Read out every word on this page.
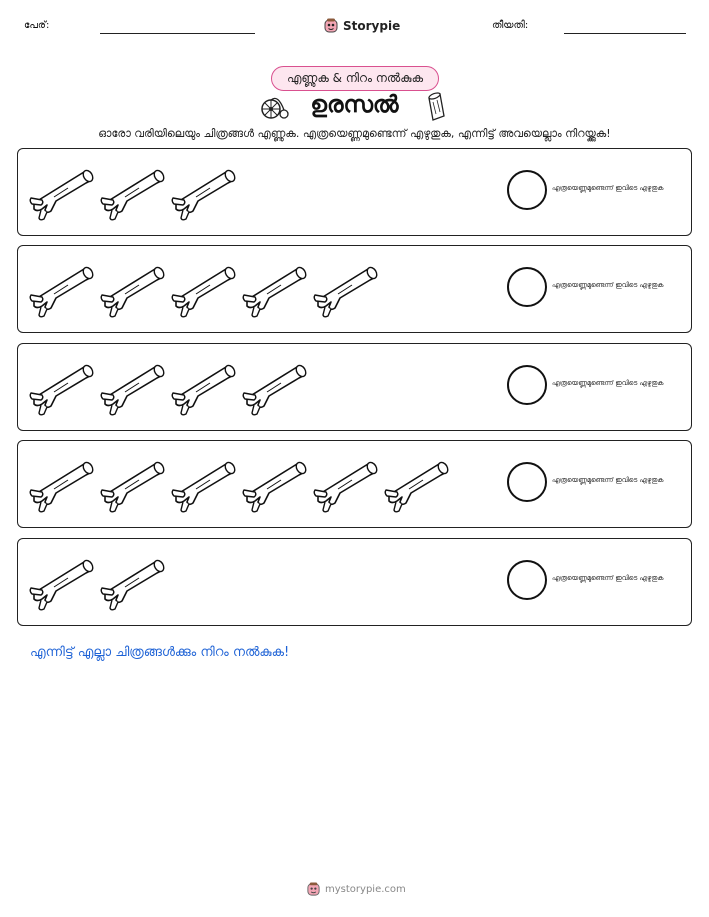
പേര്:	Storypie	തീയതി:
എണ്ണുക & നിറം നൽകുക
ഉരസൽ
ഓരോ വരിയിലെയും ചിത്രങ്ങൾ എണ്ണുക. എത്രയെണ്ണമുണ്ടെന്ന് എഴുതുക, എന്നിട്ട് അവയെല്ലാം നിറയ്ക്കുക!
എത്രയെണ്ണമുണ്ടെന്ന് ഇവിടെ എഴുതുക
എത്രയെണ്ണമുണ്ടെന്ന് ഇവിടെ എഴുതുക
എത്രയെണ്ണമുണ്ടെന്ന് ഇവിടെ എഴുതുക
എത്രയെണ്ണമുണ്ടെന്ന് ഇവിടെ എഴുതുക
എത്രയെണ്ണമുണ്ടെന്ന് ഇവിടെ എഴുതുക
എന്നിട്ട് എല്ലാ ചിത്രങ്ങൾക്കും നിറം നൽകുക!
mystorypie.com
